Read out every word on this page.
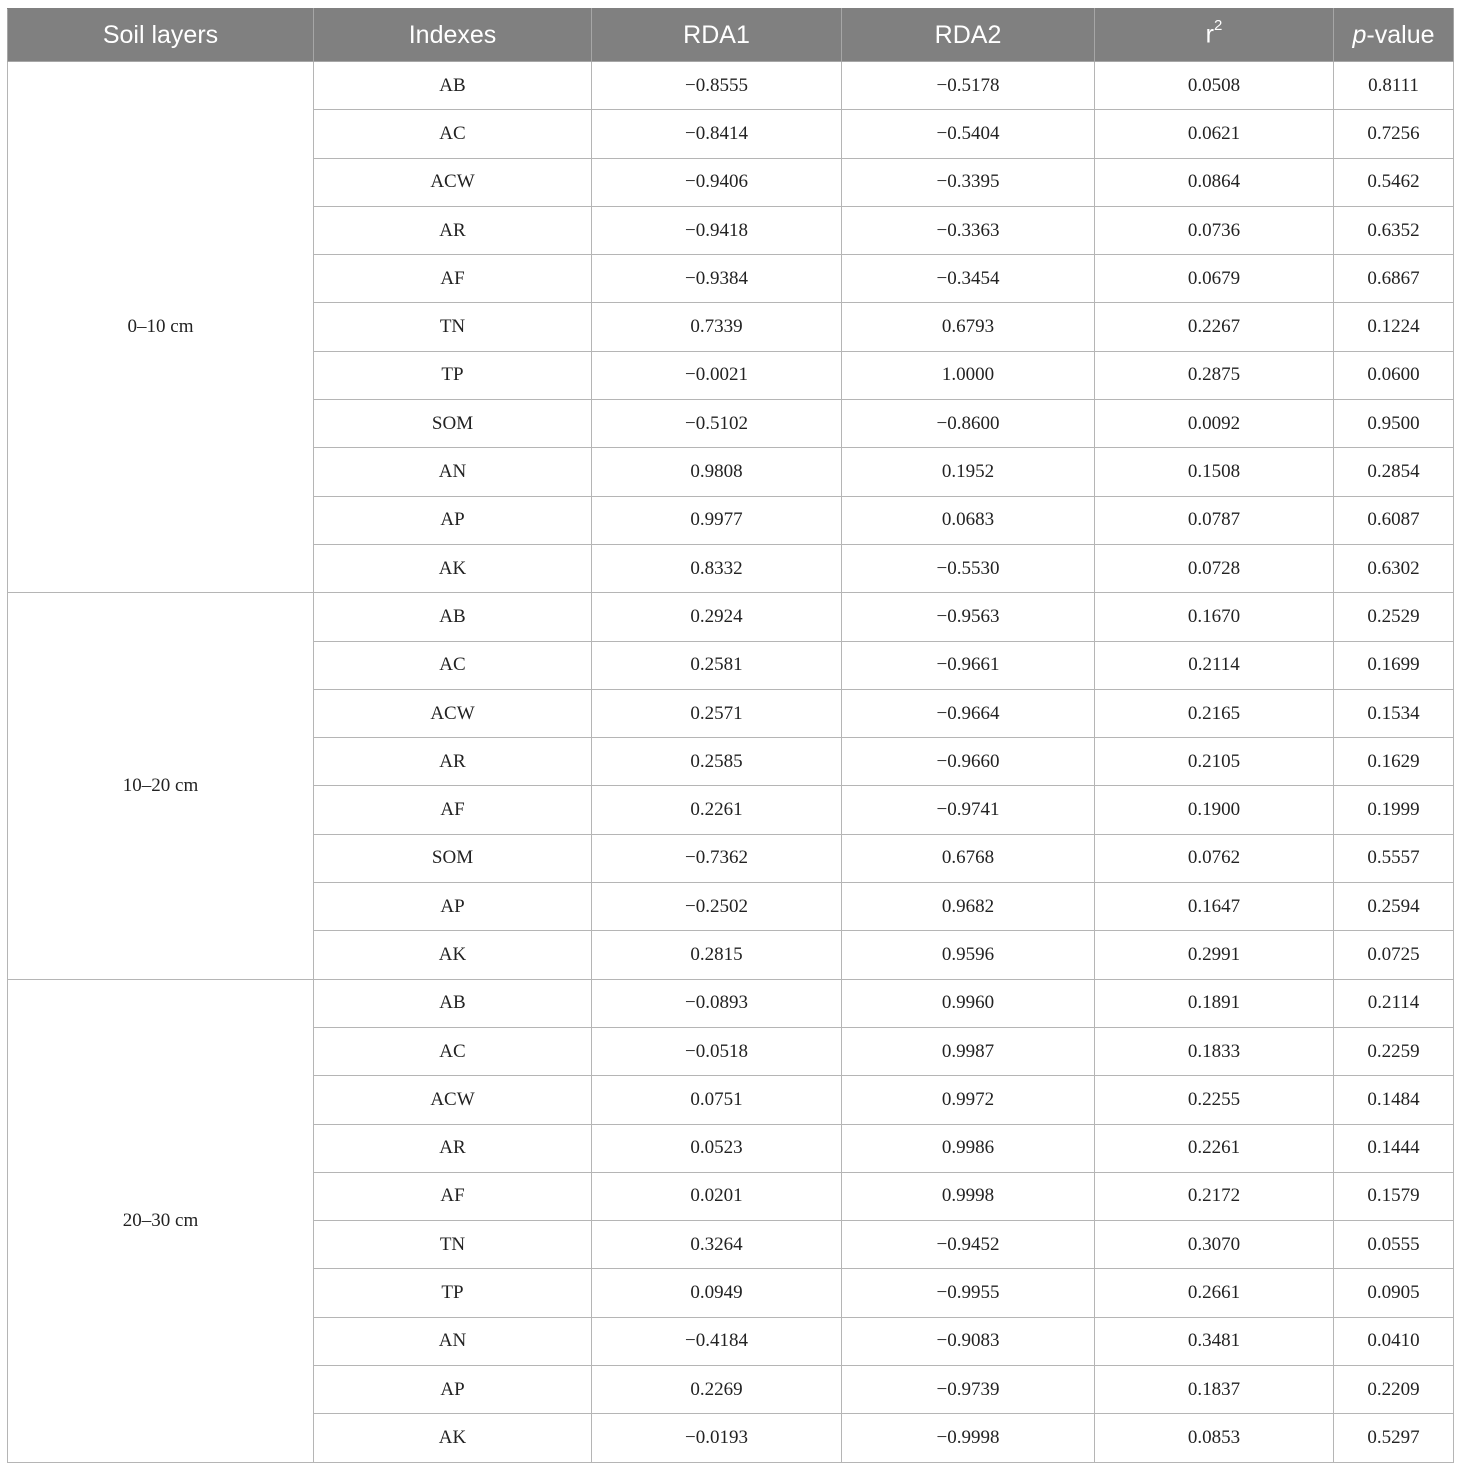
Soil layers	Indexes	RDA1	RDA2	$r^2$	p-value
0–10 cm	AB	−0.8555	−0.5178	0.0508	0.8111
	AC	−0.8414	−0.5404	0.0621	0.7256
	ACW	−0.9406	−0.3395	0.0864	0.5462
	AR	−0.9418	−0.3363	0.0736	0.6352
	AF	−0.9384	−0.3454	0.0679	0.6867
	TN	0.7339	0.6793	0.2267	0.1224
	TP	−0.0021	1.0000	0.2875	0.0600
	SOM	−0.5102	−0.8600	0.0092	0.9500
	AN	0.9808	0.1952	0.1508	0.2854
	AP	0.9977	0.0683	0.0787	0.6087
	AK	0.8332	−0.5530	0.0728	0.6302
10–20 cm	AB	0.2924	−0.9563	0.1670	0.2529
	AC	0.2581	−0.9661	0.2114	0.1699
	ACW	0.2571	−0.9664	0.2165	0.1534
	AR	0.2585	−0.9660	0.2105	0.1629
	AF	0.2261	−0.9741	0.1900	0.1999
	SOM	−0.7362	0.6768	0.0762	0.5557
	AP	−0.2502	0.9682	0.1647	0.2594
	AK	0.2815	0.9596	0.2991	0.0725
20–30 cm	AB	−0.0893	0.9960	0.1891	0.2114
	AC	−0.0518	0.9987	0.1833	0.2259
	ACW	0.0751	0.9972	0.2255	0.1484
	AR	0.0523	0.9986	0.2261	0.1444
	AF	0.0201	0.9998	0.2172	0.1579
	TN	0.3264	−0.9452	0.3070	0.0555
	TP	0.0949	−0.9955	0.2661	0.0905
	AN	−0.4184	−0.9083	0.3481	0.0410
	AP	0.2269	−0.9739	0.1837	0.2209
	AK	−0.0193	−0.9998	0.0853	0.5297
